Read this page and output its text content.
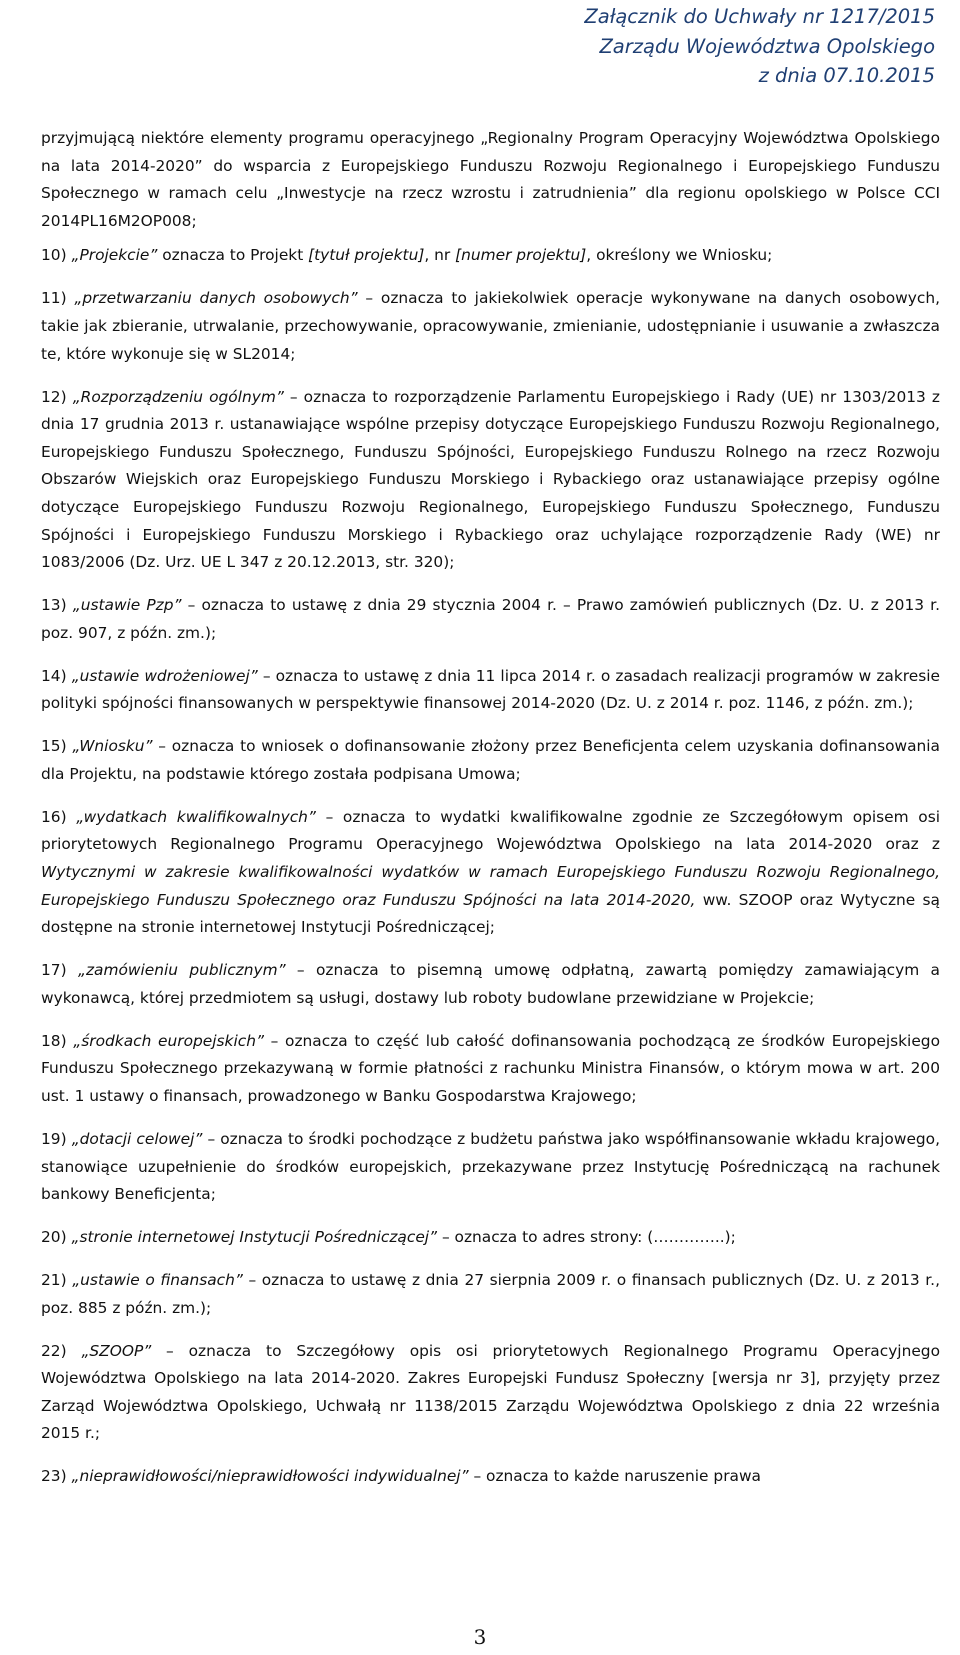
Załącznik do Uchwały nr 1217/2015
Zarządu Województwa Opolskiego
z dnia 07.10.2015

przyjmującą niektóre elementy programu operacyjnego „Regionalny Program Operacyjny Województwa Opolskiego na lata 2014-2020” do wsparcia z Europejskiego Funduszu Rozwoju Regionalnego i Europejskiego Funduszu Społecznego w ramach celu „Inwestycje na rzecz wzrostu i zatrudnienia” dla regionu opolskiego w Polsce CCI 2014PL16M2OP008;

10) „Projekcie” oznacza to Projekt [tytuł projektu], nr [numer projektu], określony we Wniosku;

11) „przetwarzaniu danych osobowych” – oznacza to jakiekolwiek operacje wykonywane na danych osobowych, takie jak zbieranie, utrwalanie, przechowywanie, opracowywanie, zmienianie, udostępnianie i usuwanie a zwłaszcza te, które wykonuje się w SL2014;

12) „Rozporządzeniu ogólnym” – oznacza to rozporządzenie Parlamentu Europejskiego i Rady (UE) nr 1303/2013 z dnia 17 grudnia 2013 r. ustanawiające wspólne przepisy dotyczące Europejskiego Funduszu Rozwoju Regionalnego, Europejskiego Funduszu Społecznego, Funduszu Spójności, Europejskiego Funduszu Rolnego na rzecz Rozwoju Obszarów Wiejskich oraz Europejskiego Funduszu Morskiego i Rybackiego oraz ustanawiające przepisy ogólne dotyczące Europejskiego Funduszu Rozwoju Regionalnego, Europejskiego Funduszu Społecznego, Funduszu Spójności i Europejskiego Funduszu Morskiego i Rybackiego oraz uchylające rozporządzenie Rady (WE) nr 1083/2006 (Dz. Urz. UE L 347 z 20.12.2013, str. 320);

13) „ustawie Pzp” – oznacza to ustawę z dnia 29 stycznia 2004 r. – Prawo zamówień publicznych (Dz. U. z 2013 r. poz. 907, z późn. zm.);

14) „ustawie wdrożeniowej” – oznacza to ustawę z dnia 11 lipca 2014 r. o zasadach realizacji programów w zakresie polityki spójności finansowanych w perspektywie finansowej 2014-2020 (Dz. U. z 2014 r. poz. 1146, z późn. zm.);

15) „Wniosku” – oznacza to wniosek o dofinansowanie złożony przez Beneficjenta celem uzyskania dofinansowania dla Projektu, na podstawie którego została podpisana Umowa;

16) „wydatkach kwalifikowalnych” – oznacza to wydatki kwalifikowalne zgodnie ze Szczegółowym opisem osi priorytetowych Regionalnego Programu Operacyjnego Województwa Opolskiego na lata 2014-2020 oraz z Wytycznymi w zakresie kwalifikowalności wydatków w ramach Europejskiego Funduszu Rozwoju Regionalnego, Europejskiego Funduszu Społecznego oraz Funduszu Spójności na lata 2014-2020, ww. SZOOP oraz Wytyczne są dostępne na stronie internetowej Instytucji Pośredniczącej;

17) „zamówieniu publicznym” – oznacza to pisemną umowę odpłatną, zawartą pomiędzy zamawiającym a wykonawcą, której przedmiotem są usługi, dostawy lub roboty budowlane przewidziane w Projekcie;

18) „środkach europejskich” – oznacza to część lub całość dofinansowania pochodzącą ze środków Europejskiego Funduszu Społecznego przekazywaną w formie płatności z rachunku Ministra Finansów, o którym mowa w art. 200 ust. 1 ustawy o finansach, prowadzonego w Banku Gospodarstwa Krajowego;

19) „dotacji celowej” – oznacza to środki pochodzące z budżetu państwa jako współfinansowanie wkładu krajowego, stanowiące uzupełnienie do środków europejskich, przekazywane przez Instytucję Pośredniczącą na rachunek bankowy Beneficjenta;

20) „stronie internetowej Instytucji Pośredniczącej” – oznacza to adres strony: (…………..);

21) „ustawie o finansach” – oznacza to ustawę z dnia 27 sierpnia 2009 r. o finansach publicznych (Dz. U. z 2013 r., poz. 885 z późn. zm.);

22) „SZOOP” – oznacza to Szczegółowy opis osi priorytetowych Regionalnego Programu Operacyjnego Województwa Opolskiego na lata 2014-2020. Zakres Europejski Fundusz Społeczny [wersja nr 3], przyjęty przez Zarząd Województwa Opolskiego, Uchwałą nr 1138/2015 Zarządu Województwa Opolskiego z dnia 22 września 2015 r.;

23) „nieprawidłowości/nieprawidłowości indywidualnej” – oznacza to każde naruszenie prawa

3
